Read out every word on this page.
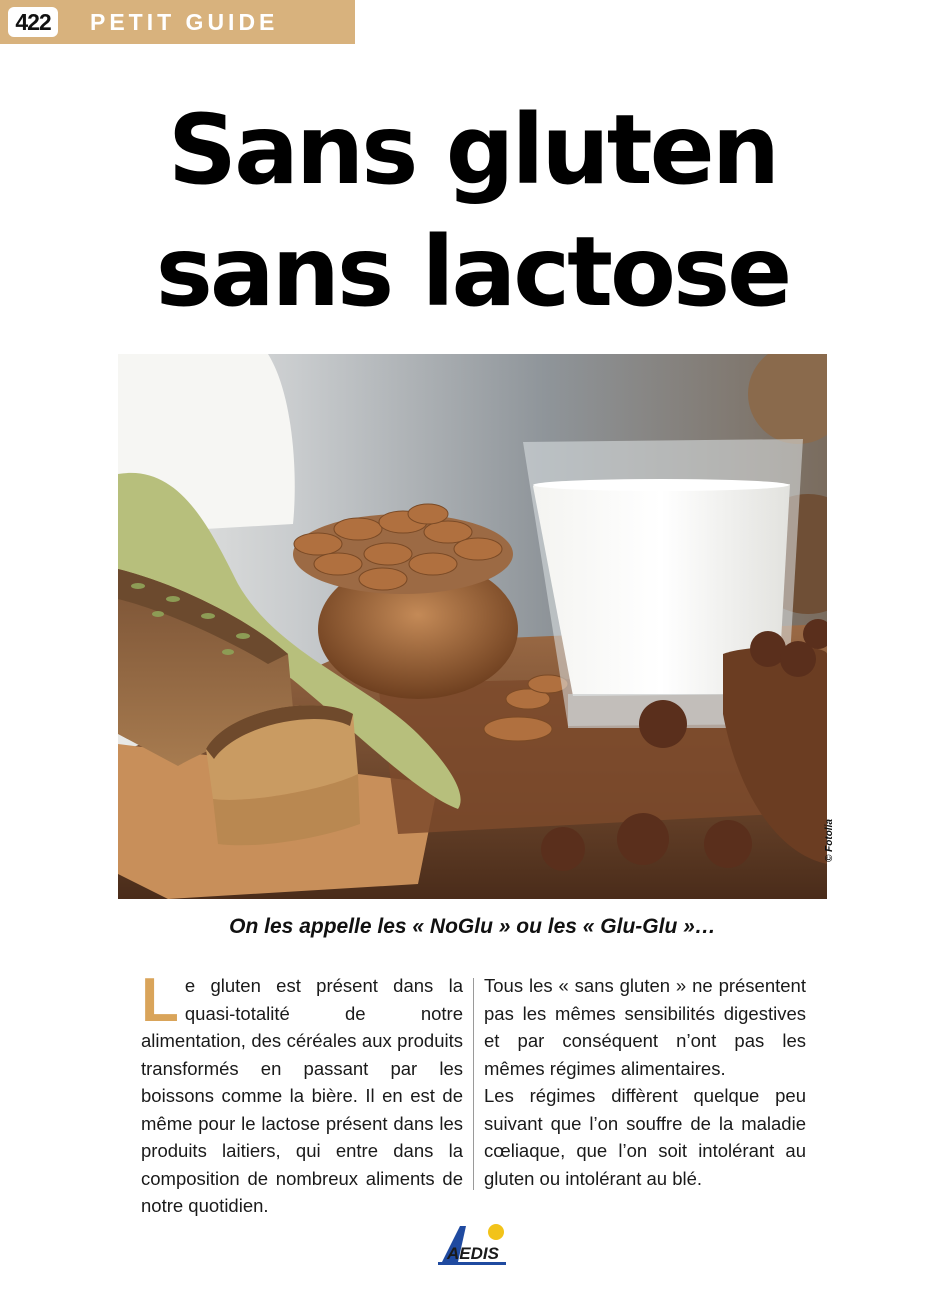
422	PETIT GUIDE
Sans gluten
sans lactose
© Fotolia
On les appelle les « NoGlu » ou les « Glu-Glu »…

Le gluten est présent dans la quasi-totalité de notre alimentation, des céréales aux produits transformés en passant par les boissons comme la bière. Il en est de même pour le lactose présent dans les produits laitiers, qui entre dans la composition de nombreux aliments de notre quotidien.

Tous les « sans gluten » ne présentent pas les mêmes sensibilités digestives et par conséquent n’ont pas les mêmes régimes alimentaires.

Les régimes diffèrent quelque peu suivant que l’on souffre de la maladie cœliaque, que l’on soit intolérant au gluten ou intolérant au blé.

AEDIS
